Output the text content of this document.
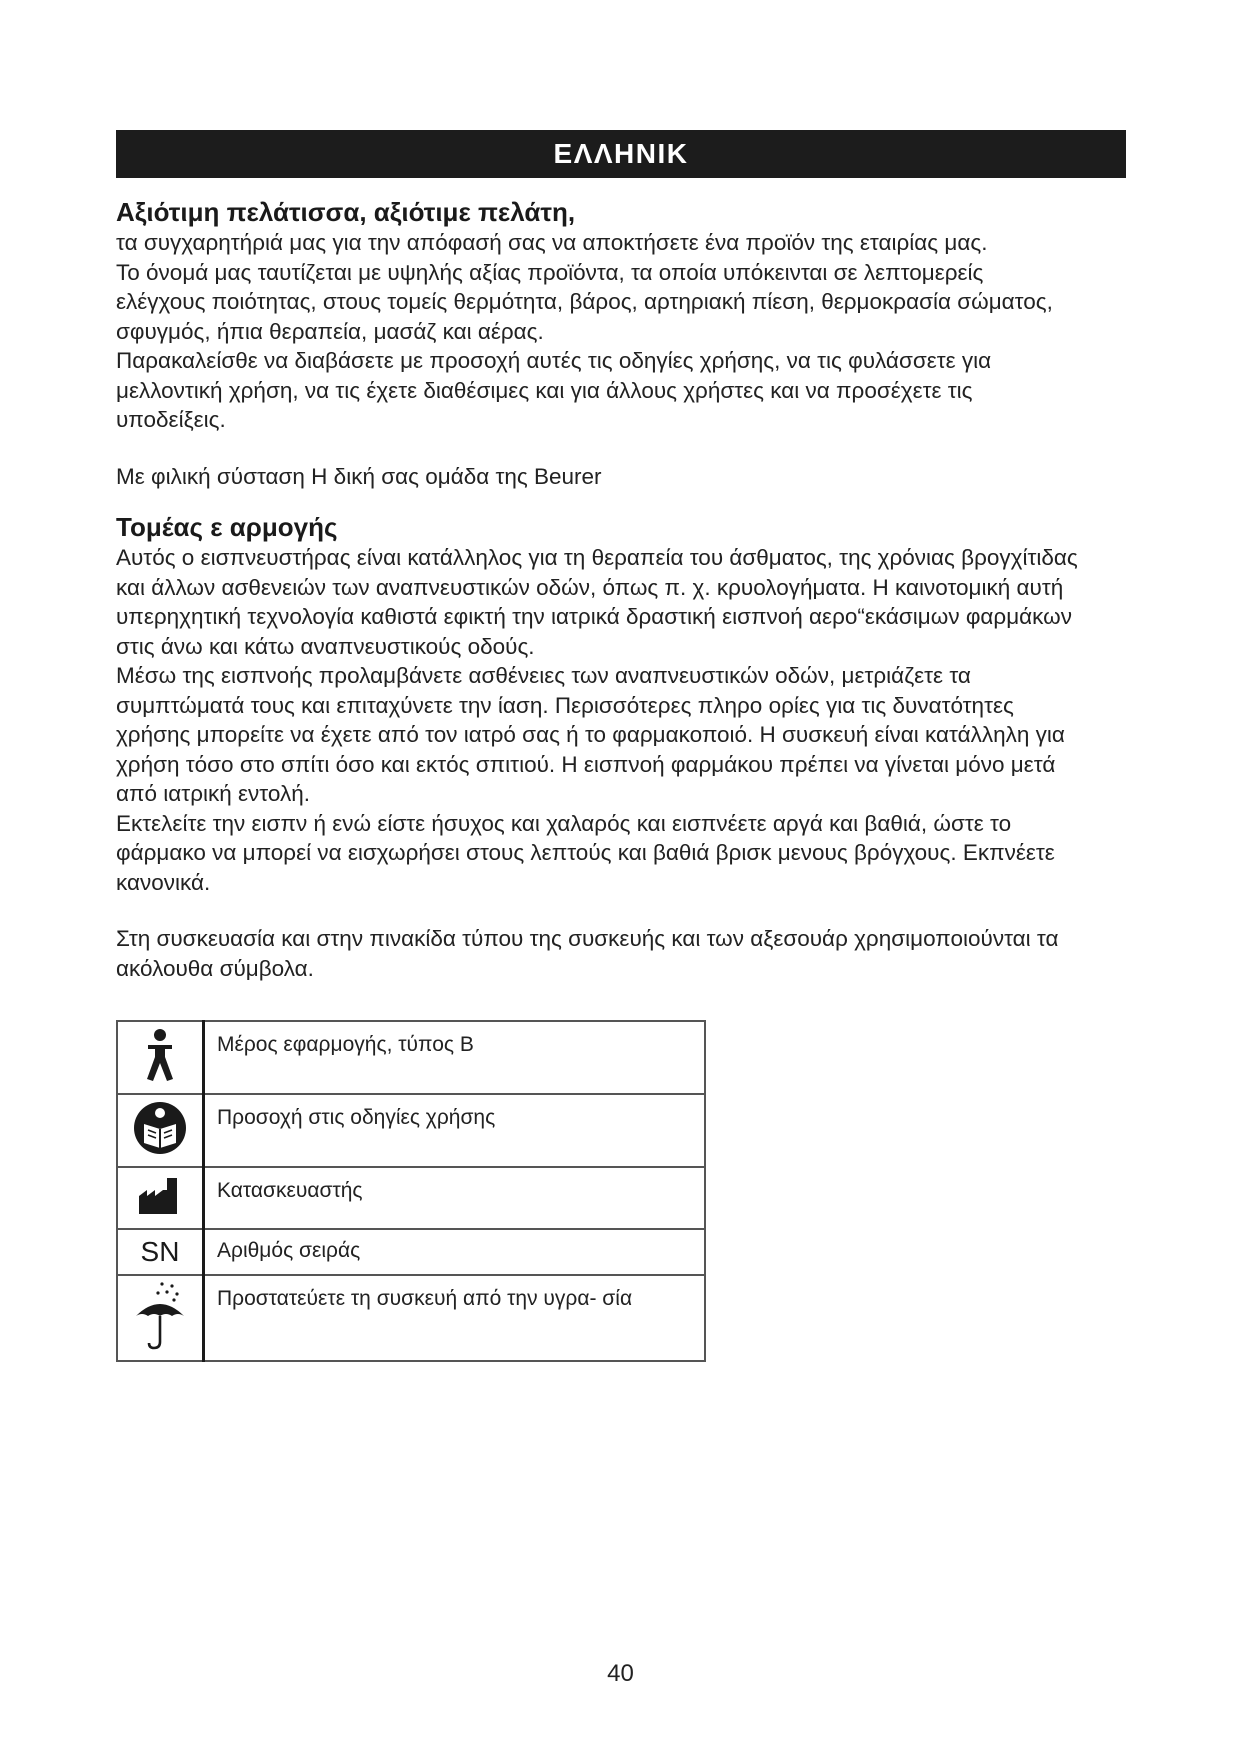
ΕΛΛΗΝΙΚ
Αξιότιμη πελάτισσα, αξιότιμε πελάτη,

τα συγχαρητήριά μας για την απόφασή σας να αποκτήσετε ένα προϊόν της εταιρίας μας.

Το όνομά μας ταυτίζεται με υψηλής αξίας προϊόντα, τα οποία υπόκεινται σε λεπτομερείς

ελέγχους ποιότητας, στους τομείς θερμότητα, βάρος, αρτηριακή πίεση, θερμοκρασία σώματος,

σφυγμός, ήπια θεραπεία, μασάζ και αέρας.

Παρακαλείσθε να διαβάσετε με προσοχή αυτές τις οδηγίες χρήσης, να τις φυλάσσετε για

μελλοντική χρήση, να τις έχετε διαθέσιμες και για άλλους χρήστες και να προσέχετε τις

υποδείξεις.

Με φιλική σύσταση Η δική σας ομάδα της Beurer

Τομέας ε αρμογής

Αυτός ο εισπνευστήρας είναι κατάλληλος για τη θεραπεία του άσθματος, της χρόνιας βρογχίτιδας

και άλλων ασθενειών των αναπνευστικών οδών, όπως π. χ. κρυολογήματα. Η καινοτομική αυτή

υπερηχητική τεχνολογία καθιστά εφικτή την ιατρικά δραστική εισπνοή αερο“εκάσιμων φαρμάκων

στις άνω και κάτω αναπνευστικούς οδούς.

Μέσω της εισπνοής προλαμβάνετε ασθένειες των αναπνευστικών οδών, μετριάζετε τα

συμπτώματά τους και επιταχύνετε την ίαση. Περισσότερες πληρο ορίες για τις δυνατότητες

χρήσης μπορείτε να έχετε από τον ιατρό σας ή το φαρμακοποιό. Η συσκευή είναι κατάλληλη για

χρήση τόσο στο σπίτι όσο και εκτός σπιτιού. Η εισπνοή φαρμάκου πρέπει να γίνεται μόνο μετά

από ιατρική εντολή.

Εκτελείτε την εισπν ή ενώ είστε ήσυχος και χαλαρός και εισπνέετε αργά και βαθιά, ώστε το

φάρμακο να μπορεί να εισχωρήσει στους λεπτούς και βαθιά βρισκ μενους βρόγχους. Εκπνέετε

κανονικά.

Στη συσκευασία και στην πινακίδα τύπου της συσκευής και των αξεσουάρ χρησιμοποιούνται τα

ακόλουθα σύμβολα.

	Μέρος εφαρμογής, τύπος Β
	Προσοχή στις οδηγίες χρήσης
	Κατασκευαστής
SN	Αριθμός σειράς
	Προστατεύετε τη συσκευή από την υγρα- σία
40
